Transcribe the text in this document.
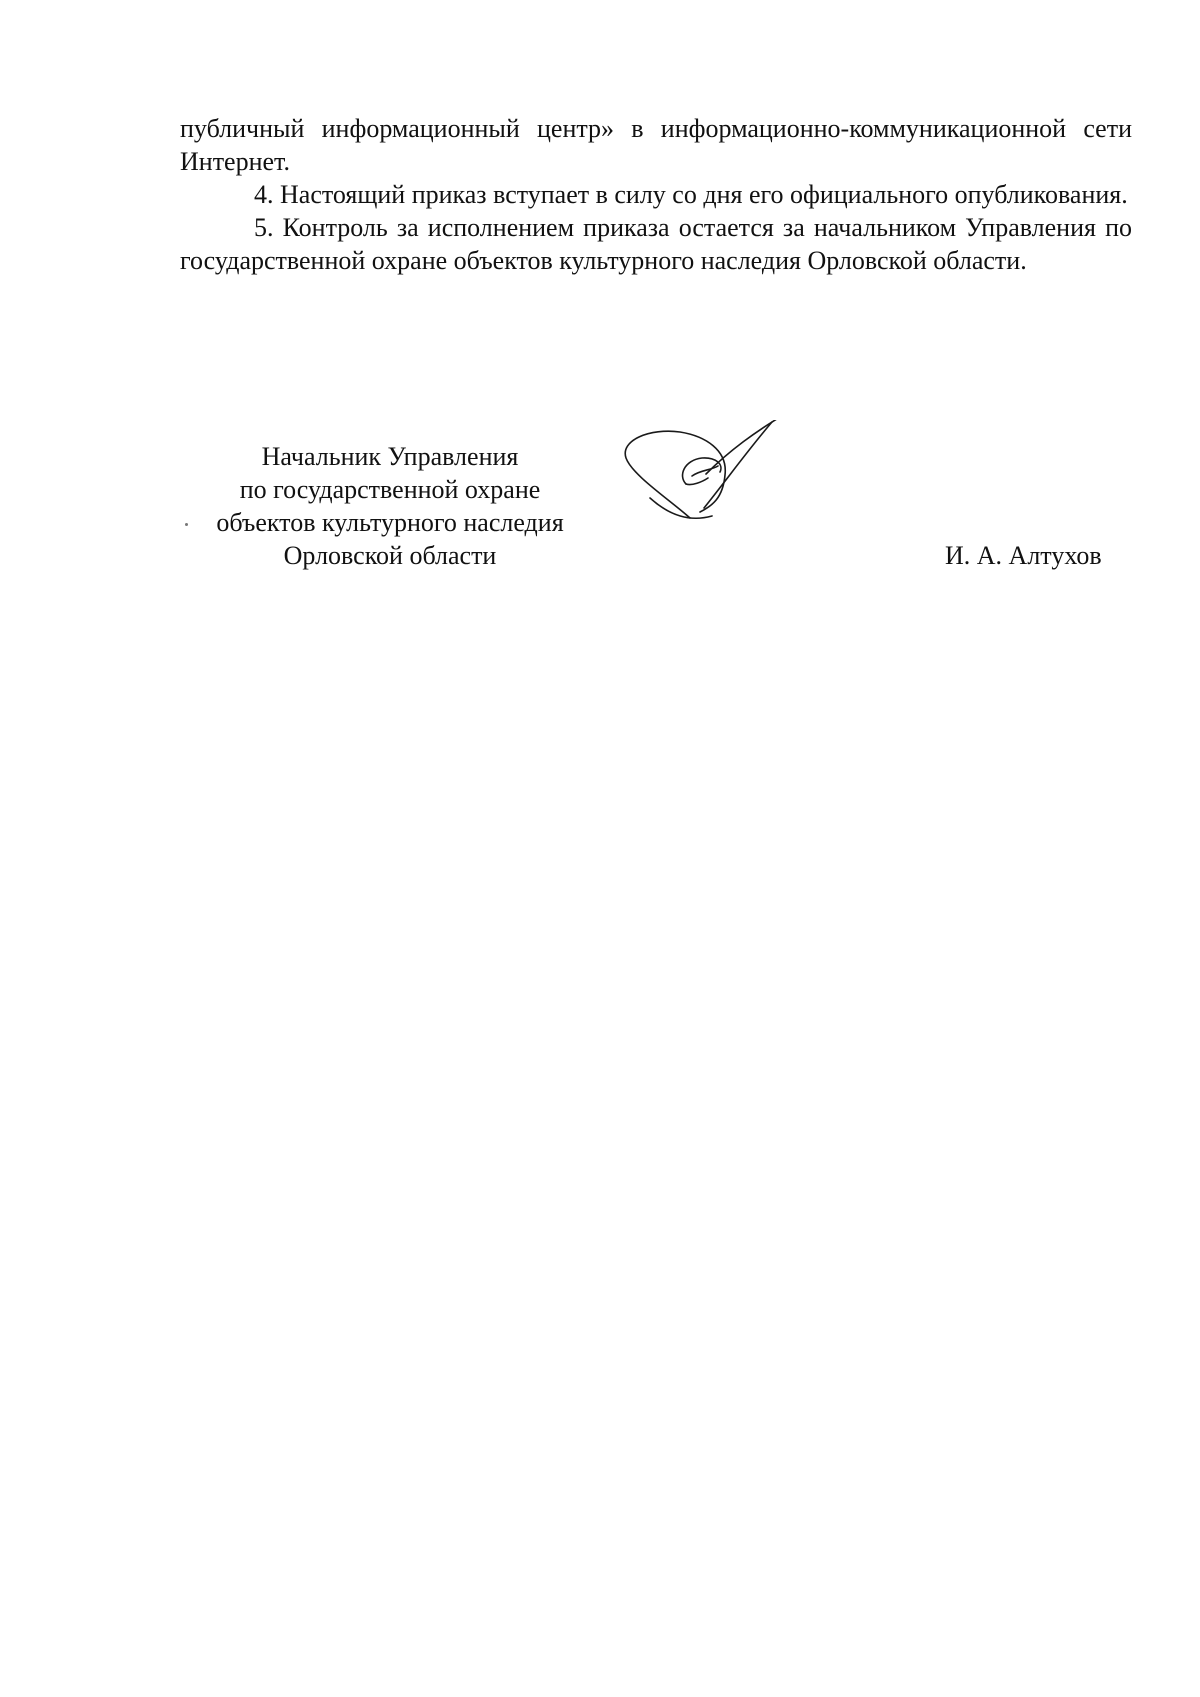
публичный информационный центр» в информационно-коммуникационной сети Интернет.

4. Настоящий приказ вступает в силу со дня его официального опубликования.

5. Контроль за исполнением приказа остается за начальником Управления по государственной охране объектов культурного наследия Орловской области.

Начальник Управления
по государственной охране
объектов культурного наследия
Орловской области	И. А. Алтухов
